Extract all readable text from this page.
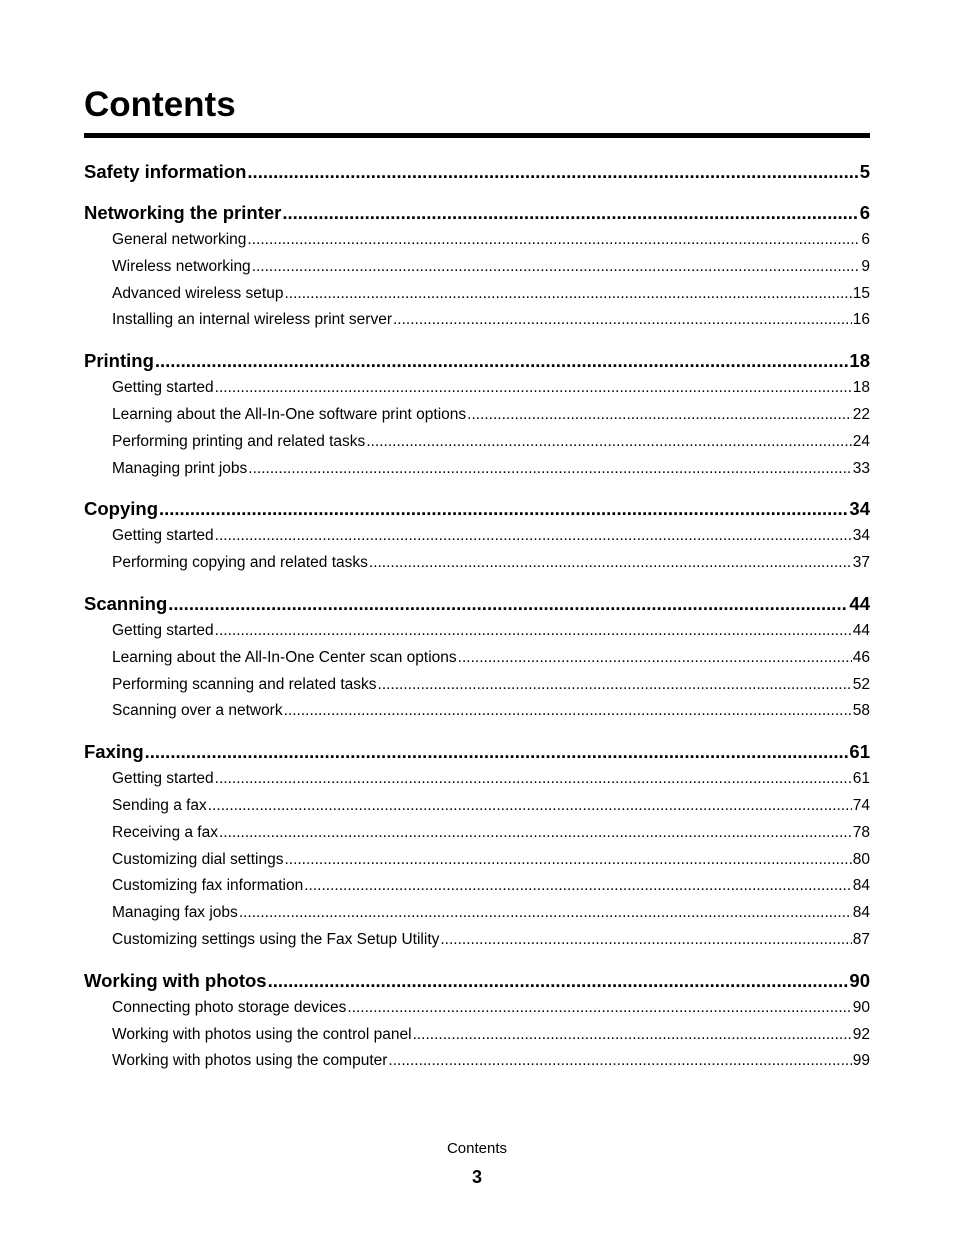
Contents
Safety information .....	5
Networking the printer .....	6
General networking .....	6
Wireless networking .....	9
Advanced wireless setup .....	15
Installing an internal wireless print server .....	16
Printing .....	18
Getting started .....	18
Learning about the All-In-One software print options .....	22
Performing printing and related tasks .....	24
Managing print jobs .....	33
Copying .....	34
Getting started .....	34
Performing copying and related tasks .....	37
Scanning .....	44
Getting started .....	44
Learning about the All-In-One Center scan options .....	46
Performing scanning and related tasks .....	52
Scanning over a network .....	58
Faxing .....	61
Getting started .....	61
Sending a fax .....	74
Receiving a fax .....	78
Customizing dial settings .....	80
Customizing fax information .....	84
Managing fax jobs .....	84
Customizing settings using the Fax Setup Utility .....	87
Working with photos .....	90
Connecting photo storage devices .....	90
Working with photos using the control panel .....	92
Working with photos using the computer .....	99
Contents
3
